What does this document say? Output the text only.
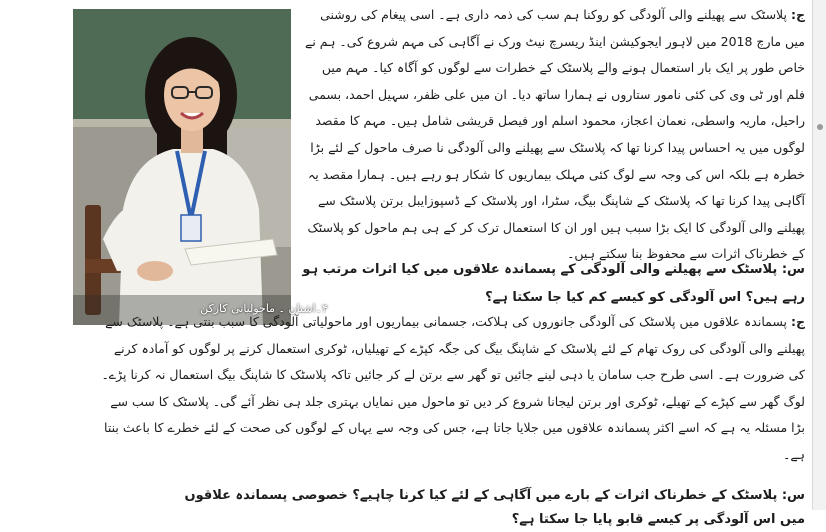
۴۔اشتان ۔ ماحولیاتی کارکن
ج: پلاسٹک سے پھیلنے والی آلودگی کو روکنا ہم سب کی ذمہ داری ہے۔ اسی پیغام کی روشنی میں مارچ 2018 میں لاہور ایجوکیشن اینڈ ریسرچ نیٹ ورک نے آگاہی کی مہم شروع کی۔ ہم نے خاص طور پر ایک بار استعمال ہونے والے پلاسٹک کے خطرات سے لوگوں کو آگاہ کیا۔ مہم میں فلم اور ٹی وی کی کئی نامور ستاروں نے ہمارا ساتھ دیا۔ ان میں علی ظفر، سہیل احمد، بسمی راحیل، ماریہ واسطی، نعمان اعجاز، محمود اسلم اور فیصل قریشی شامل ہیں۔ مہم کا مقصد لوگوں میں یہ احساس پیدا کرنا تھا کہ پلاسٹک سے پھیلنے والی آلودگی نا صرف ماحول کے لئے بڑا خطرہ ہے بلکہ اس کی وجہ سے لوگ کئی مہلک بیماریوں کا شکار ہو رہے ہیں۔ ہمارا مقصد یہ آگاہی پیدا کرنا تھا کہ پلاسٹک کے شاپنگ بیگ، سٹرا، اور پلاسٹک کے ڈسپوزایبل برتن پلاسٹک سے پھیلنے والی آلودگی کا ایک بڑا سبب ہیں اور ان کا استعمال ترک کر کے ہی ہم ماحول کو پلاسٹک کے خطرناک اثرات سے محفوظ بنا سکتے ہیں۔
س: پلاسٹک سے پھیلنے والی آلودگی کے پسماندہ علاقوں میں کیا اثرات مرتب ہو رہے ہیں؟ اس آلودگی کو کیسے کم کیا جا سکتا ہے؟
ج: پسماندہ علاقوں میں پلاسٹک کی آلودگی جانوروں کی ہلاکت، جسمانی بیماریوں اور ماحولیاتی آلودگی کا سبب بنتی ہے۔ پلاسٹک سے پھیلنے والی آلودگی کی روک تھام کے لئے پلاسٹک کے شاپنگ بیگ کی جگہ کپڑے کے تھیلیاں، ٹوکری استعمال کرنے پر لوگوں کو آمادہ کرنے کی ضرورت ہے۔ اسی طرح جب سامان یا دہی لینے جائیں تو گھر سے برتن لے کر جائیں تاکہ پلاسٹک کا شاپنگ بیگ استعمال نہ کرنا پڑے۔ لوگ گھر سے کپڑے کے تھیلے، ٹوکری اور برتن لیجانا شروع کر دیں تو ماحول میں نمایاں بہتری جلد ہی نظر آئے گی۔ پلاسٹک کا سب سے بڑا مسئلہ یہ ہے کہ اسے اکثر پسماندہ علاقوں میں جلایا جاتا ہے، جس کی وجہ سے یہاں کے لوگوں کی صحت کے لئے خطرے کا باعث بنتا ہے۔
س: پلاسٹک کے خطرناک اثرات کے بارے میں آگاہی کے لئے کیا کرنا چاہیے؟ خصوصی پسماندہ علاقوں میں اس آلودگی پر کیسے قابو پایا جا سکتا ہے؟
